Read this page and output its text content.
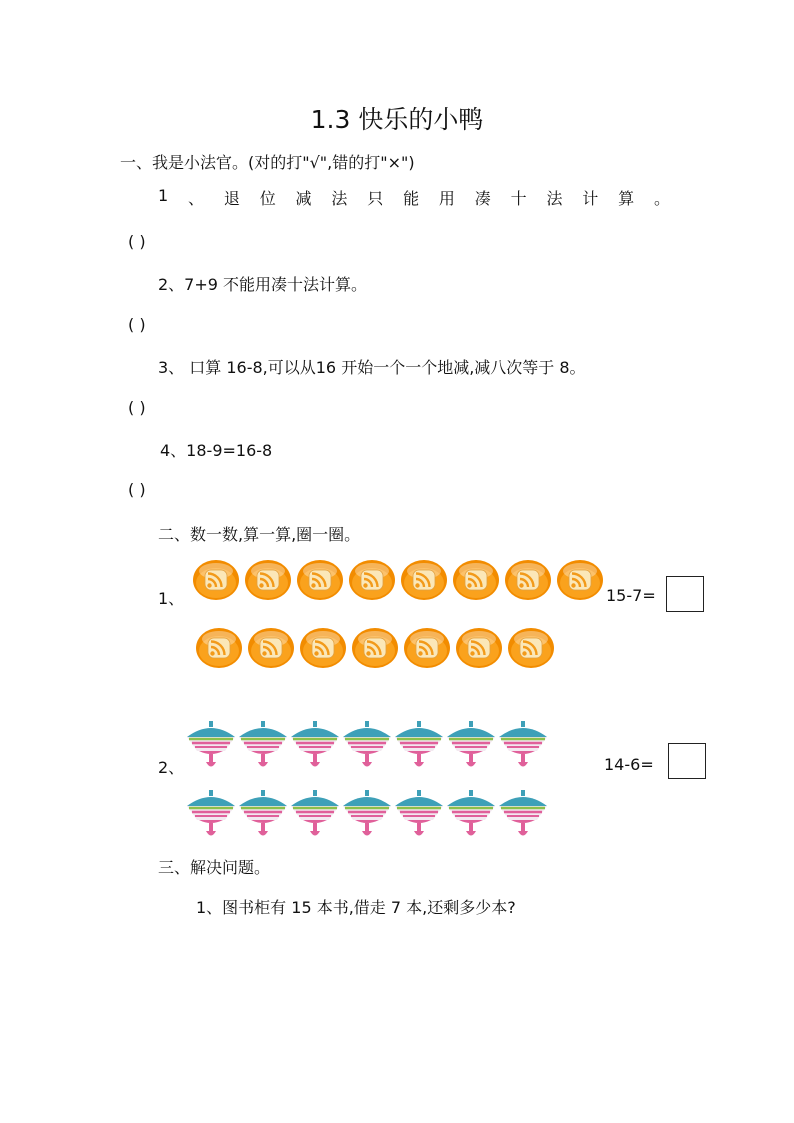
1.3 快乐的小鸭
一、我是小法官。(对的打"√",错的打"×")
1 、 退 位 减 法 只 能 用 凑 十 法 计 算 。
( )
2、7+9 不能用凑十法计算。
( )
3、 口算 16-8,可以从16 开始一个一个地减,减八次等于 8。
( )
4、18-9=16-8
( )
二、数一数,算一算,圈一圈。
1、	15-7=
2、	14-6=
三、解决问题。
1、图书柜有 15 本书,借走 7 本,还剩多少本?
